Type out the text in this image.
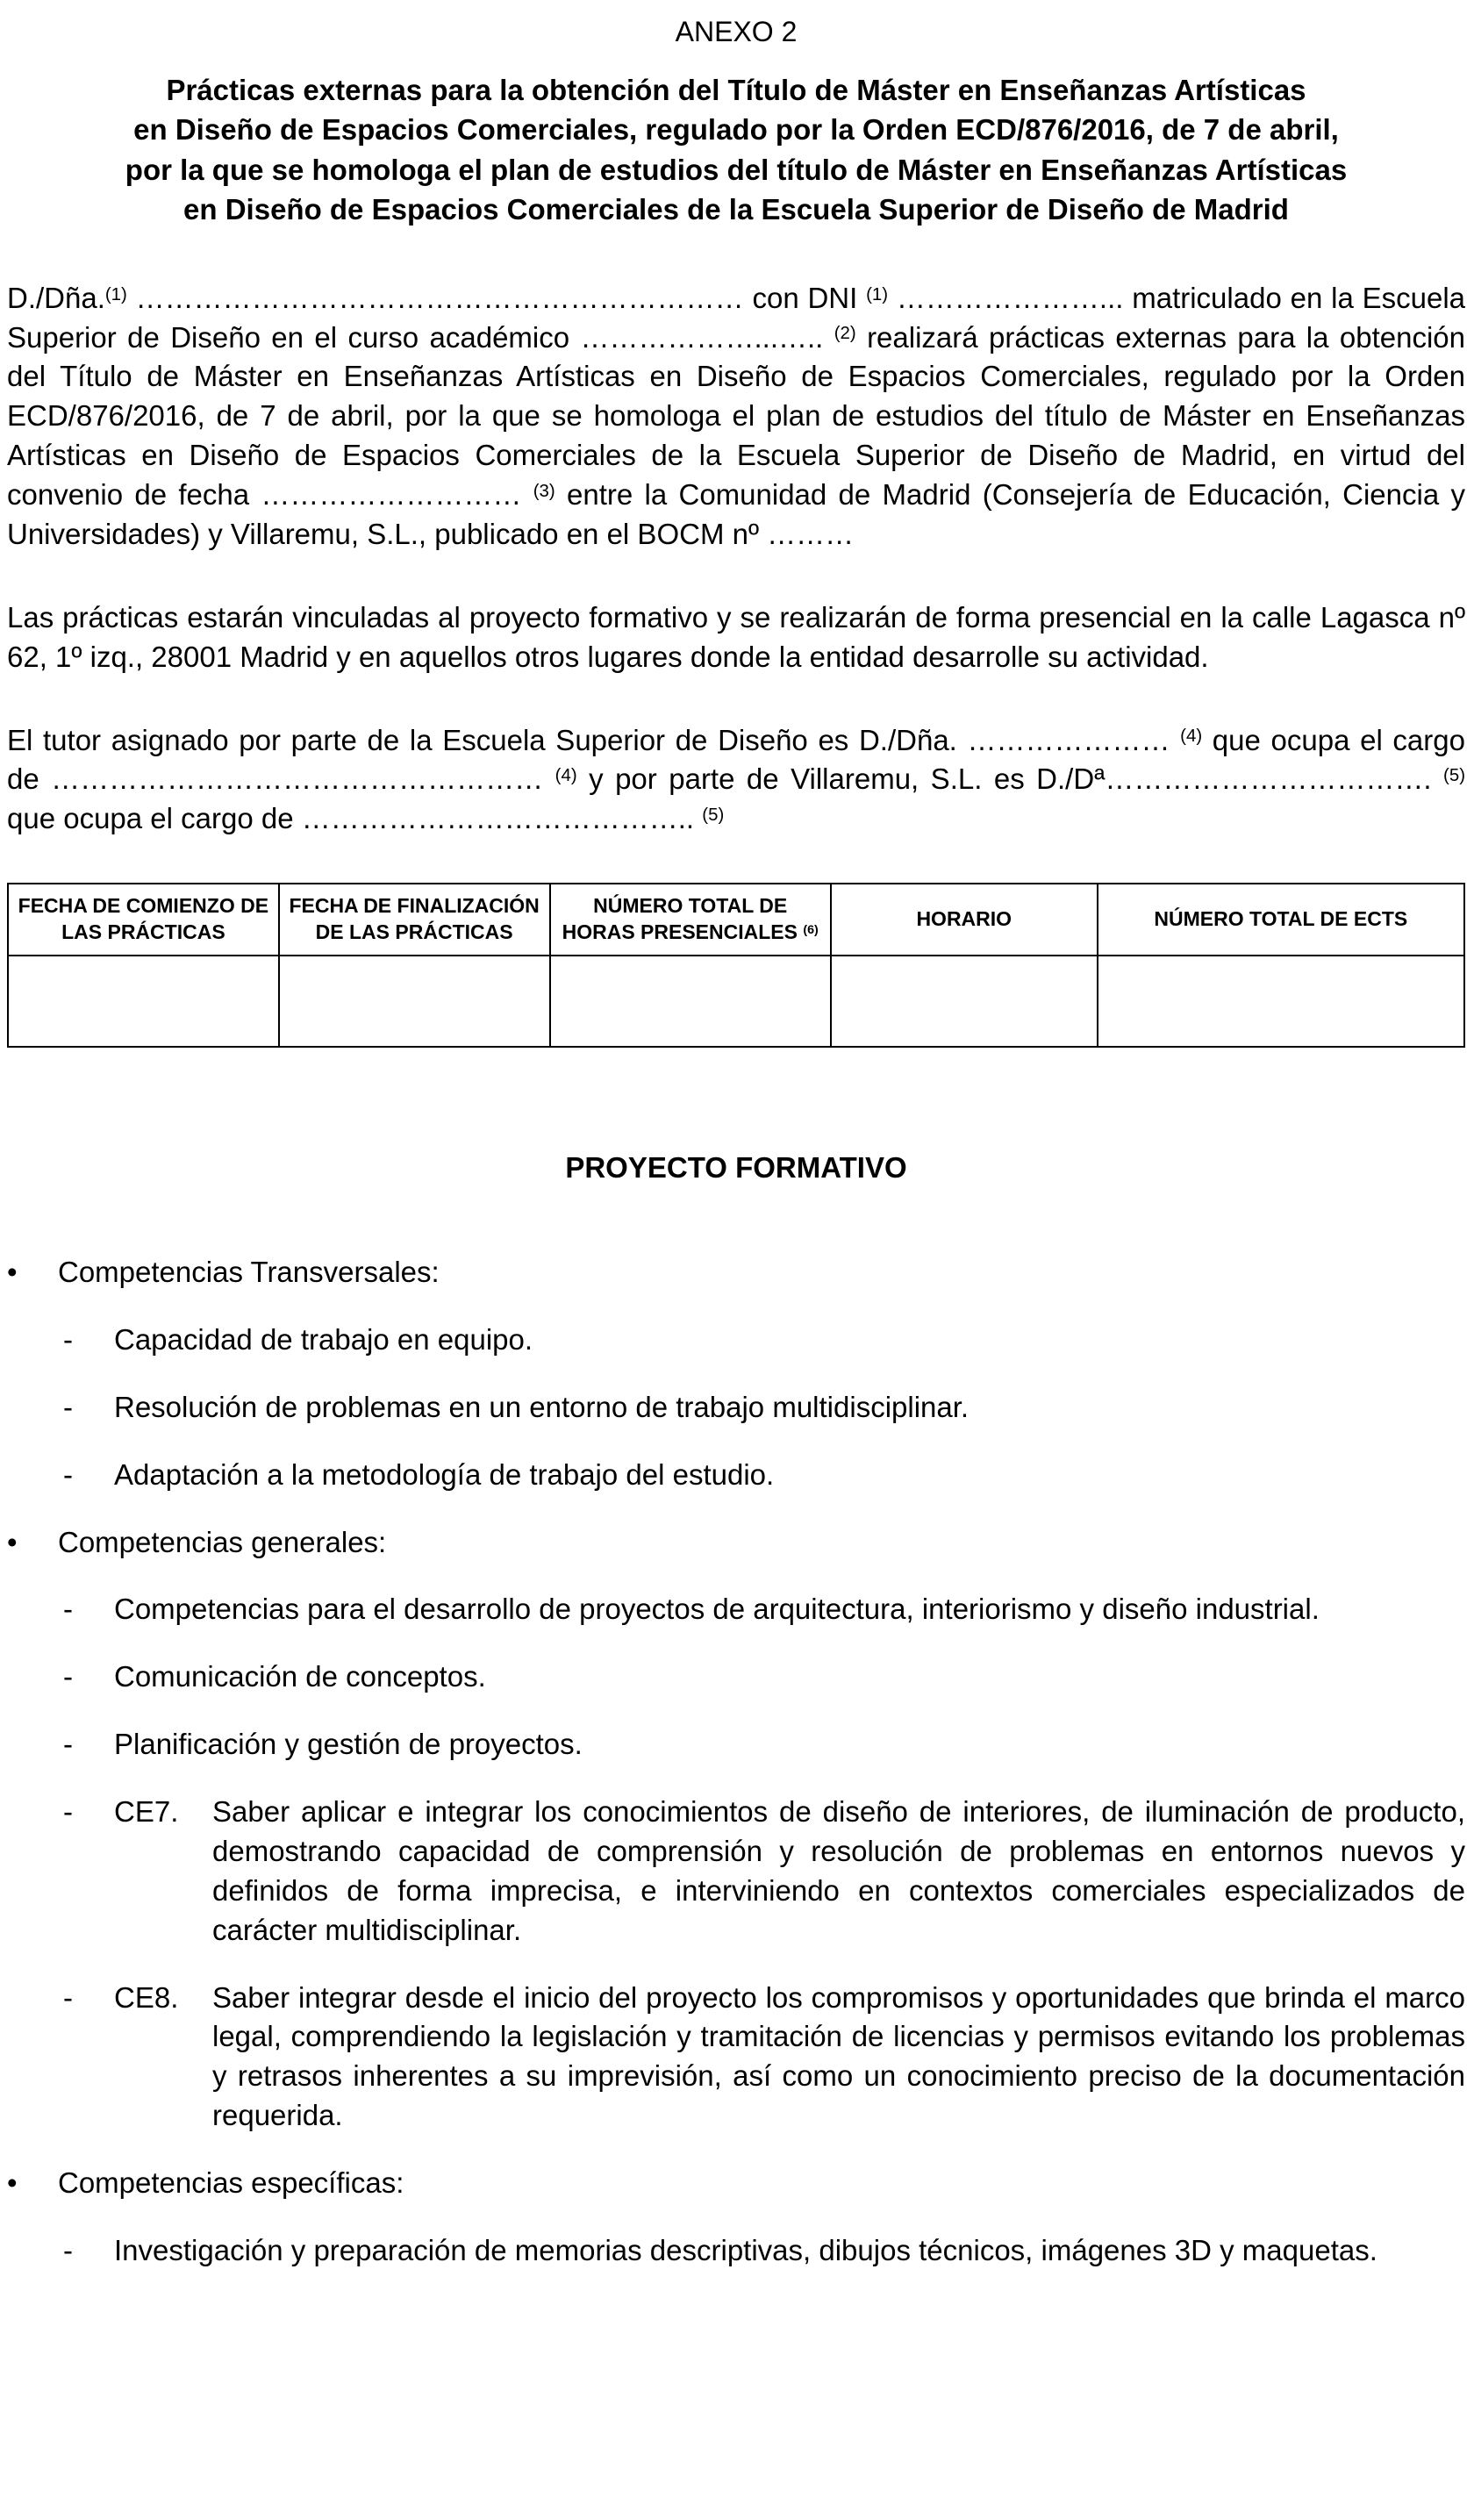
ANEXO 2
Prácticas externas para la obtención del Título de Máster en Enseñanzas Artísticas
en Diseño de Espacios Comerciales, regulado por la Orden ECD/876/2016, de 7 de abril,
por la que se homologa el plan de estudios del título de Máster en Enseñanzas Artísticas
en Diseño de Espacios Comerciales de la Escuela Superior de Diseño de Madrid

D./Dña.$^{(1)}$ ……………………………………………………… con DNI $^{(1)}$ …………………... matriculado en la Escuela Superior de Diseño en el curso académico ………………...….. $^{(2)}$ realizará prácticas externas para la obtención del Título de Máster en Enseñanzas Artísticas en Diseño de Espacios Comerciales, regulado por la Orden ECD/876/2016, de 7 de abril, por la que se homologa el plan de estudios del título de Máster en Enseñanzas Artísticas en Diseño de Espacios Comerciales de la Escuela Superior de Diseño de Madrid, en virtud del convenio de fecha ……………………… $^{(3)}$ entre la Comunidad de Madrid (Consejería de Educación, Ciencia y Universidades) y Villaremu, S.L., publicado en el BOCM nº ………

Las prácticas estarán vinculadas al proyecto formativo y se realizarán de forma presencial en la calle Lagasca nº 62, 1º izq., 28001 Madrid y en aquellos otros lugares donde la entidad desarrolle su actividad.

El tutor asignado por parte de la Escuela Superior de Diseño es D./Dña. ………………… $^{(4)}$ que ocupa el cargo de …………………………………………… $^{(4)}$ y por parte de Villaremu, S.L. es D./Dª……………………………. $^{(5)}$ que ocupa el cargo de ………………………………….. $^{(5)}$

FECHA DE COMIENZO DE LAS PRÁCTICAS	FECHA DE FINALIZACIÓN DE LAS PRÁCTICAS	NÚMERO TOTAL DE HORAS PRESENCIALES $^{(6)}$	HORARIO	NÚMERO TOTAL DE ECTS

PROYECTO FORMATIVO
•	Competencias Transversales:
-	Capacidad de trabajo en equipo.
-	Resolución de problemas en un entorno de trabajo multidisciplinar.
-	Adaptación a la metodología de trabajo del estudio.
•	Competencias generales:
-	Competencias para el desarrollo de proyectos de arquitectura, interiorismo y diseño industrial.
-	Comunicación de conceptos.
-	Planificación y gestión de proyectos.
-	CE7.	Saber aplicar e integrar los conocimientos de diseño de interiores, de iluminación de producto, demostrando capacidad de comprensión y resolución de problemas en entornos nuevos y definidos de forma imprecisa, e interviniendo en contextos comerciales especializados de carácter multidisciplinar.
-	CE8.	Saber integrar desde el inicio del proyecto los compromisos y oportunidades que brinda el marco legal, comprendiendo la legislación y tramitación de licencias y permisos evitando los problemas y retrasos inherentes a su imprevisión, así como un conocimiento preciso de la documentación requerida.
•	Competencias específicas:
-	Investigación y preparación de memorias descriptivas, dibujos técnicos, imágenes 3D y maquetas.
